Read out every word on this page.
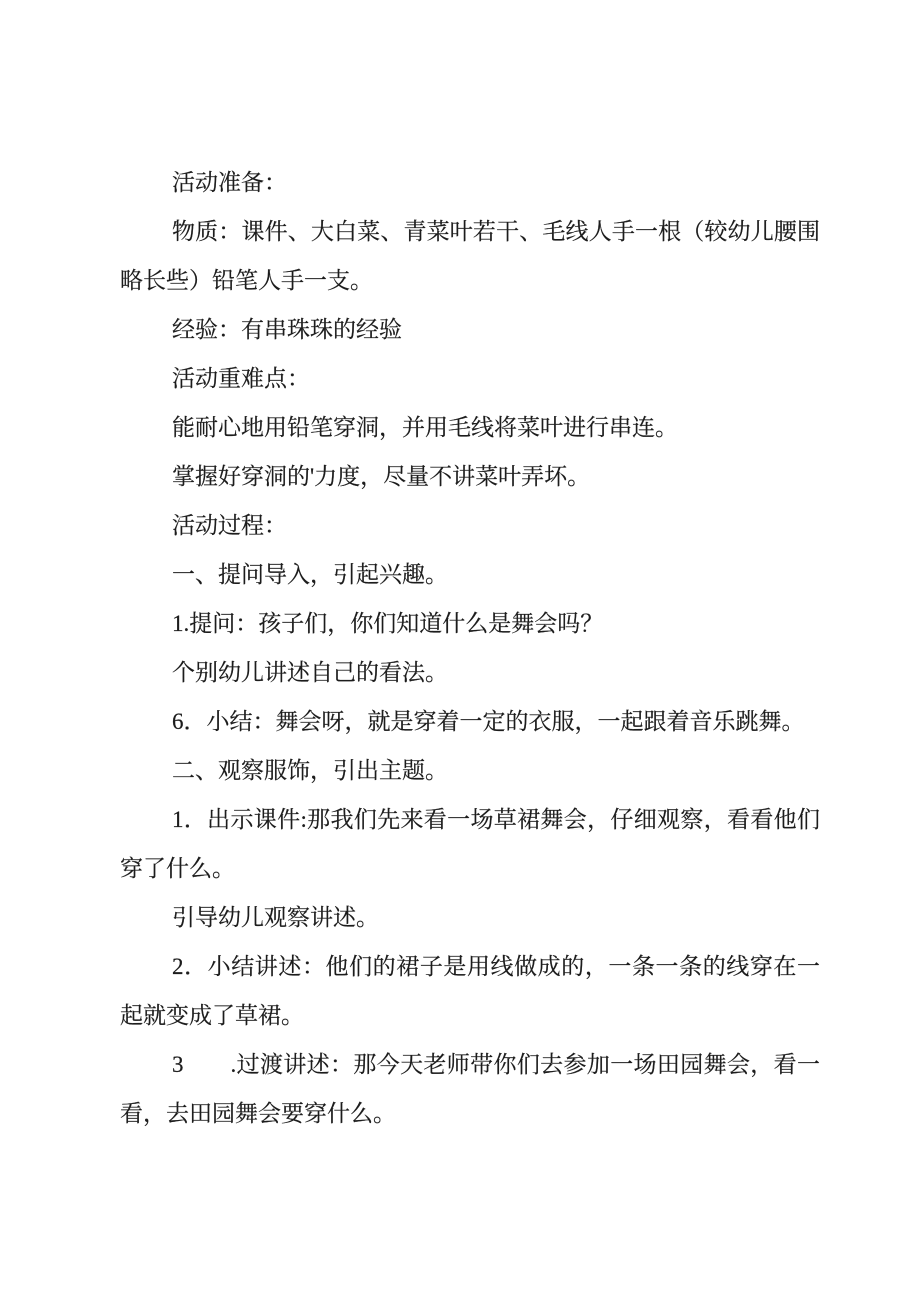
活动准备：

物质：课件、大白菜、青菜叶若干、毛线人手一根（较幼儿腰围略长些）铅笔人手一支。

经验：有串珠珠的经验

活动重难点：

能耐心地用铅笔穿洞，并用毛线将菜叶进行串连。

掌握好穿洞的'力度，尽量不讲菜叶弄坏。

活动过程：

一、提问导入，引起兴趣。

1.提问：孩子们，你们知道什么是舞会吗？

个别幼儿讲述自己的看法。

6．小结：舞会呀，就是穿着一定的衣服，一起跟着音乐跳舞。

二、观察服饰，引出主题。

1．出示课件:那我们先来看一场草裙舞会，仔细观察，看看他们穿了什么。

引导幼儿观察讲述。

2．小结讲述：他们的裙子是用线做成的，一条一条的线穿在一起就变成了草裙。

3　　.过渡讲述：那今天老师带你们去参加一场田园舞会，看一看，去田园舞会要穿什么。
